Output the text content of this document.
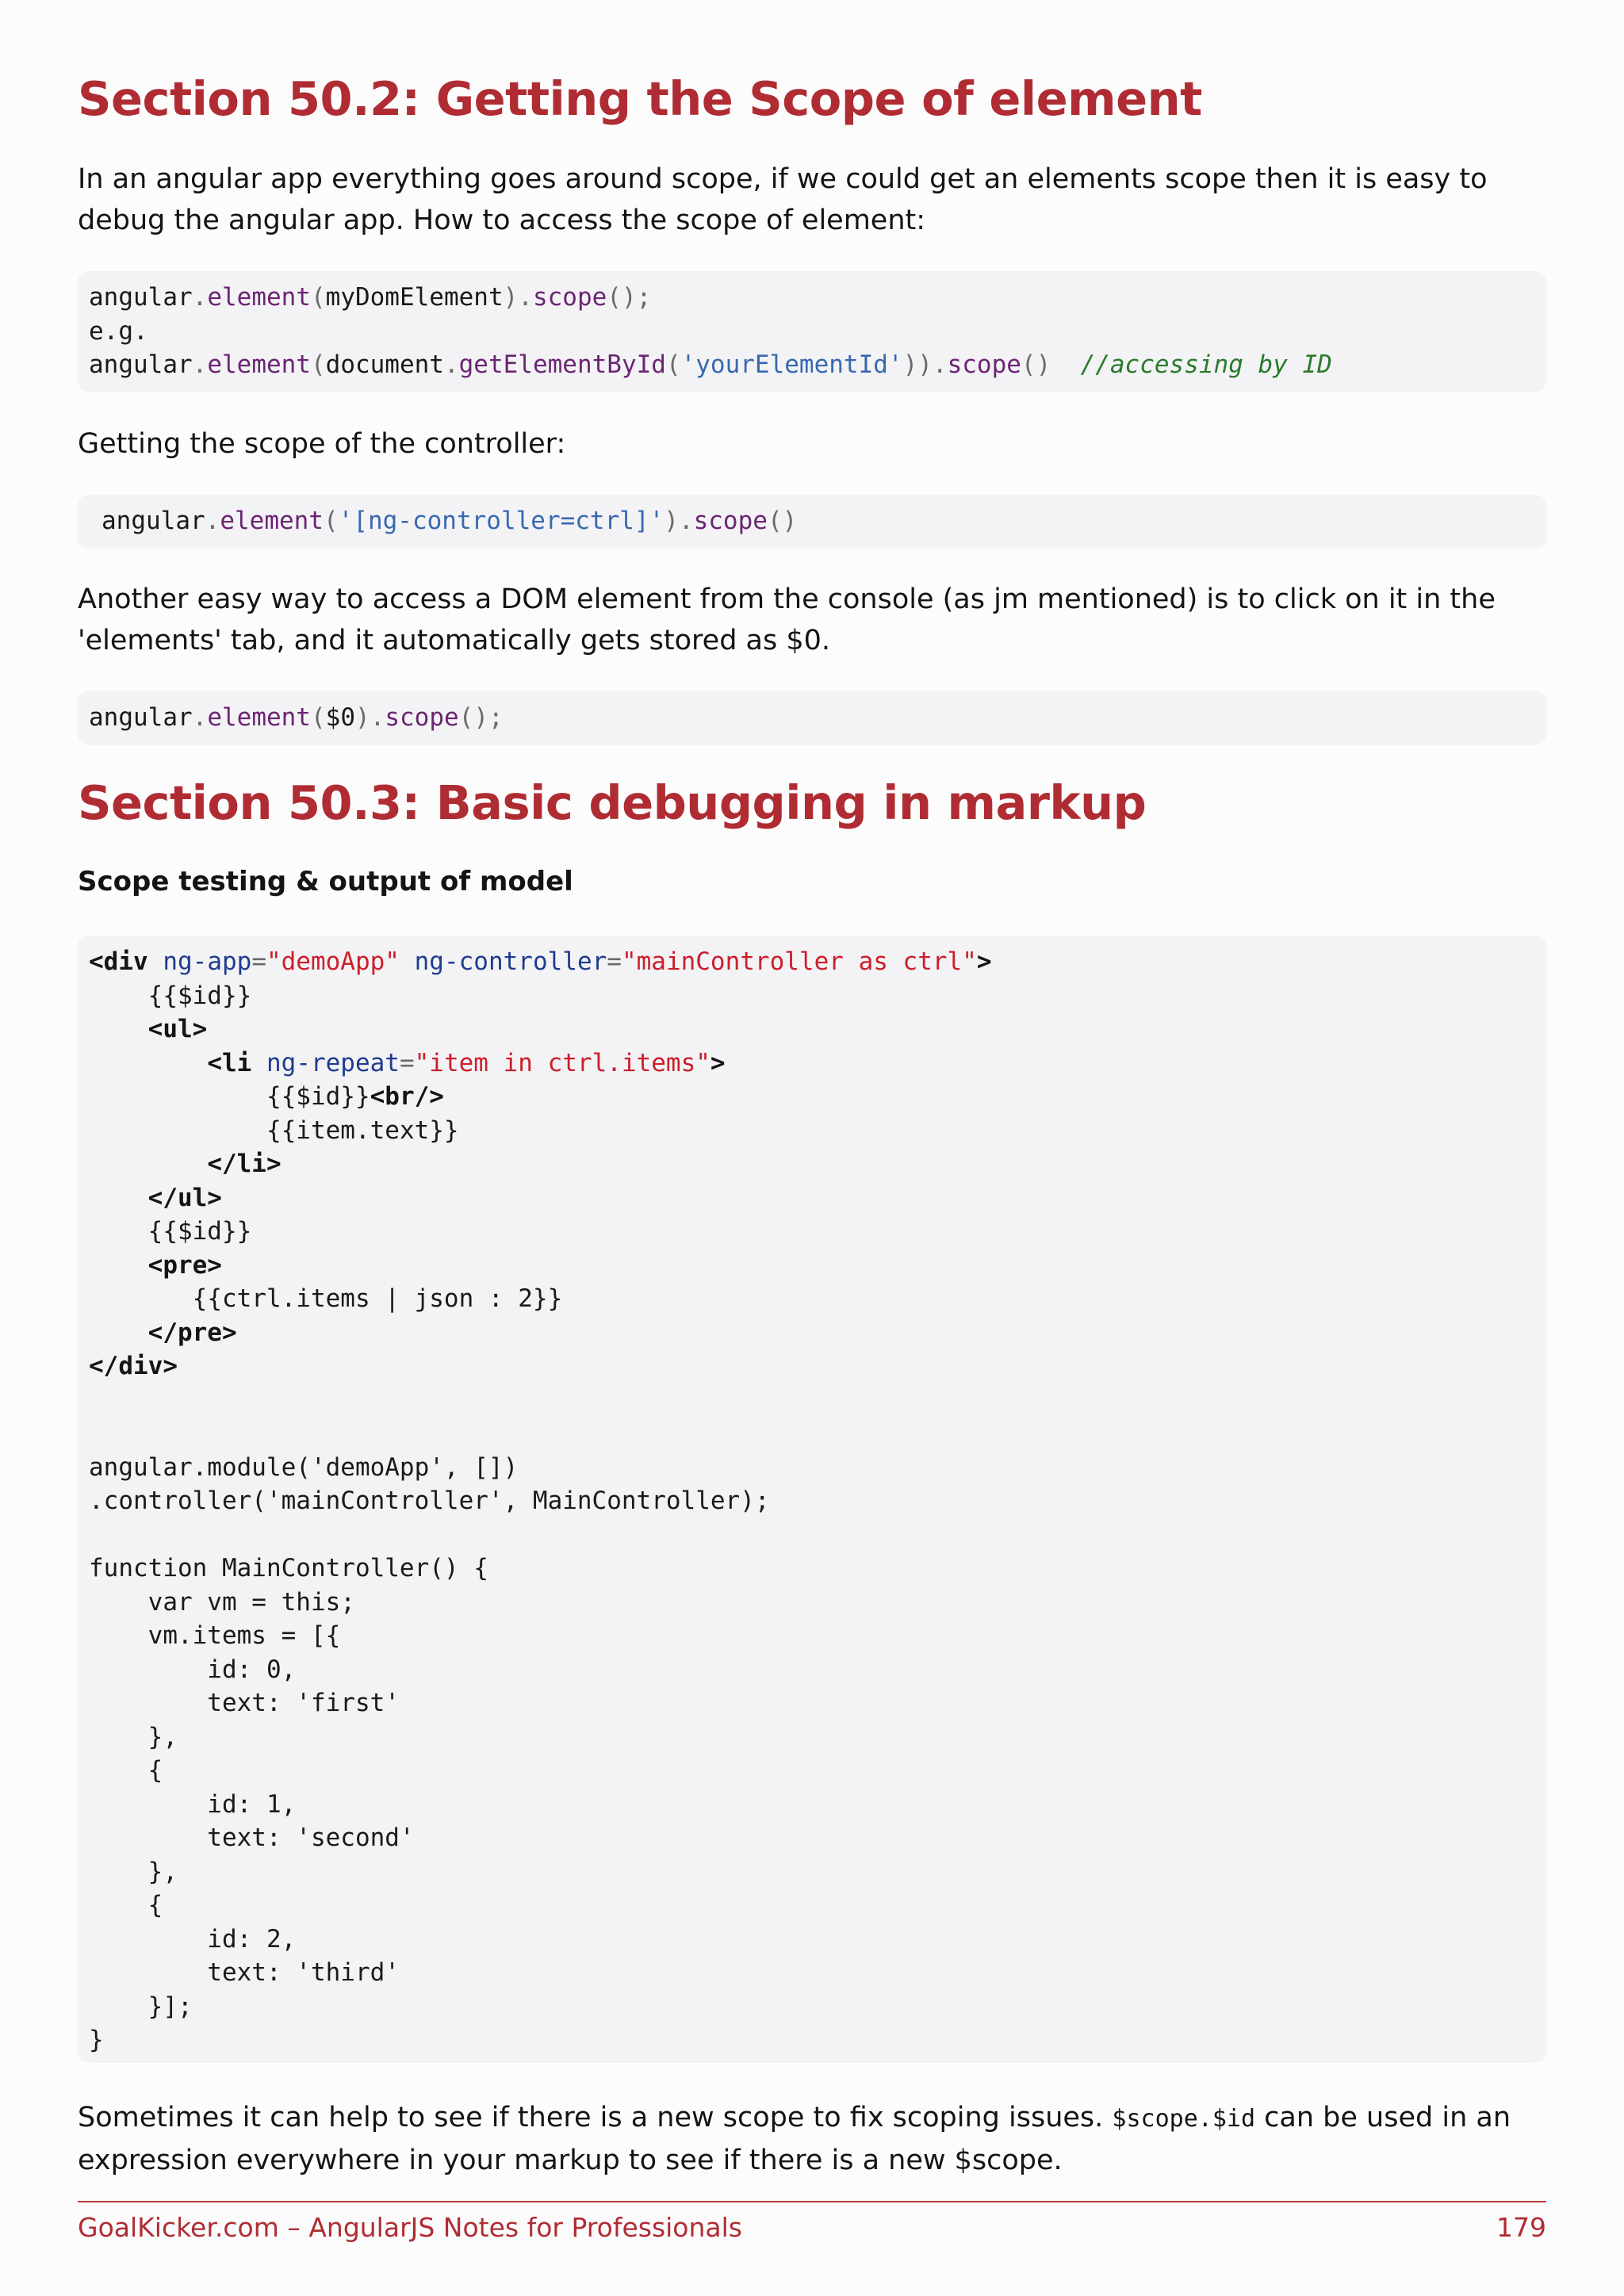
Section 50.2: Getting the Scope of element

In an angular app everything goes around scope, if we could get an elements scope then it is easy to debug the angular app. How to access the scope of element:

angular.element(myDomElement).scope();
e.g.
angular.element(document.getElementById('yourElementId')).scope() //accessing by ID

Getting the scope of the controller:

angular.element('[ng-controller=ctrl]').scope()

Another easy way to access a DOM element from the console (as jm mentioned) is to click on it in the 'elements' tab, and it automatically gets stored as $0.

angular.element($0).scope();
Section 50.3: Basic debugging in markup
Scope testing & output of model
<div ng-app="demoApp" ng-controller="mainController as ctrl">
{{$id}}
<ul>
<li ng-repeat="item in ctrl.items">
{{$id}}<br/>
{{item.text}}
</li>
</ul>
{{$id}}
<pre>
{{ctrl.items | json : 2}}
</pre>
</div>
angular.module('demoApp', [])
.controller('mainController', MainController);
function MainController() {
var vm = this;
vm.items = [{
id: 0,
text: 'first'
},
{
id: 1,
text: 'second'
},
{
id: 2,
text: 'third'
}];
}

Sometimes it can help to see if there is a new scope to fix scoping issues. $scope.$id can be used in an expression everywhere in your markup to see if there is a new $scope.

GoalKicker.com – AngularJS Notes for Professionals	179
